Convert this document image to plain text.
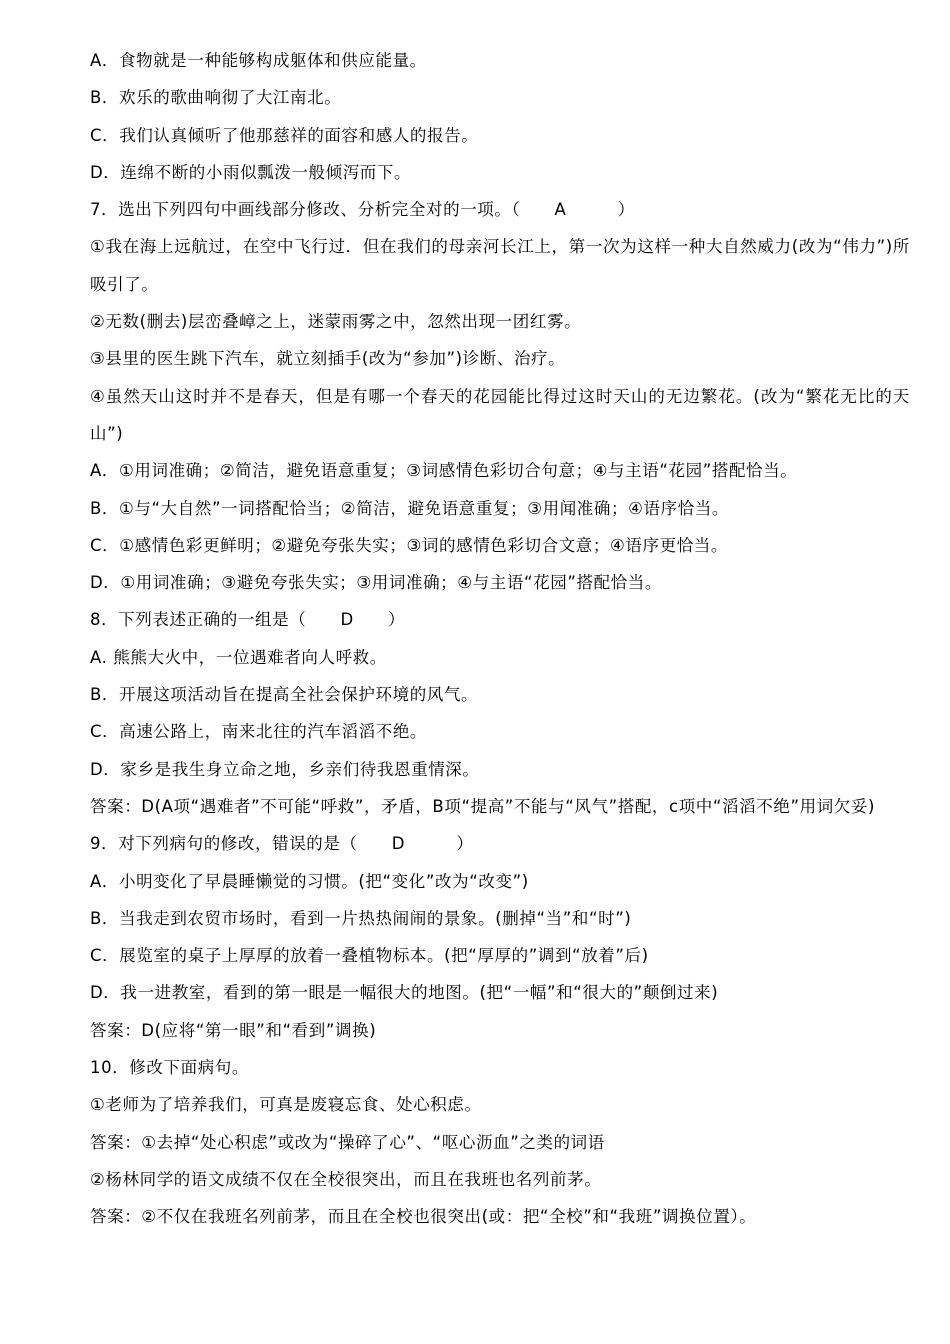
A．食物就是一种能够构成躯体和供应能量。
B．欢乐的歌曲响彻了大江南北。
C．我们认真倾听了他那慈祥的面容和感人的报告。
D．连绵不断的小雨似瓢泼一般倾泻而下。
7．选出下列四句中画线部分修改、分析完全对的一项。（　　A　　　）
①我在海上远航过，在空中飞行过．但在我们的母亲河长江上，第一次为这样一种大自然威力(改为“伟力”)所吸引了。
②无数(删去)层峦叠嶂之上，迷蒙雨雾之中，忽然出现一团红雾。
③县里的医生跳下汽车，就立刻插手(改为“参加”)诊断、治疗。
④虽然天山这时并不是春天，但是有哪一个春天的花园能比得过这时天山的无边繁花。(改为“繁花无比的天山”)
A．①用词准确；②简洁，避免语意重复；③词感情色彩切合句意；④与主语“花园”搭配恰当。
B．①与“大自然”一词搭配恰当；②简洁，避免语意重复；③用闻准确；④语序恰当。
C．①感情色彩更鲜明；②避免夸张失实；③词的感情色彩切合文意；④语序更恰当。
D．①用词准确；③避免夸张失实；③用词准确；④与主语“花园”搭配恰当。
8．下列表述正确的一组是（　　D　　）
A. 熊熊大火中，一位遇难者向人呼救。
B．开展这项活动旨在提高全社会保护环境的风气。
C．高速公路上，南来北往的汽车滔滔不绝。
D．家乡是我生身立命之地，乡亲们待我恩重情深。
答案：D(A项“遇难者”不可能“呼救”，矛盾，B项“提高”不能与“风气”搭配，c项中“滔滔不绝”用词欠妥)
9．对下列病句的修改，错误的是（　　D　　　）
A．小明变化了早晨睡懒觉的习惯。(把“变化”改为“改变”)
B．当我走到农贸市场时，看到一片热热闹闹的景象。(删掉“当”和“时”)
C．展览室的桌子上厚厚的放着一叠植物标本。(把“厚厚的”调到“放着”后)
D．我一进教室，看到的第一眼是一幅很大的地图。(把“一幅”和“很大的”颠倒过来)
答案：D(应将“第一眼”和“看到”调换)
10．修改下面病句。
①老师为了培养我们，可真是废寝忘食、处心积虑。
答案：①去掉“处心积虑”或改为“操碎了心”、“呕心沥血”之类的词语
②杨林同学的语文成绩不仅在全校很突出，而且在我班也名列前茅。
答案：②不仅在我班名列前茅，而且在全校也很突出(或：把“全校”和“我班”调换位置）。
